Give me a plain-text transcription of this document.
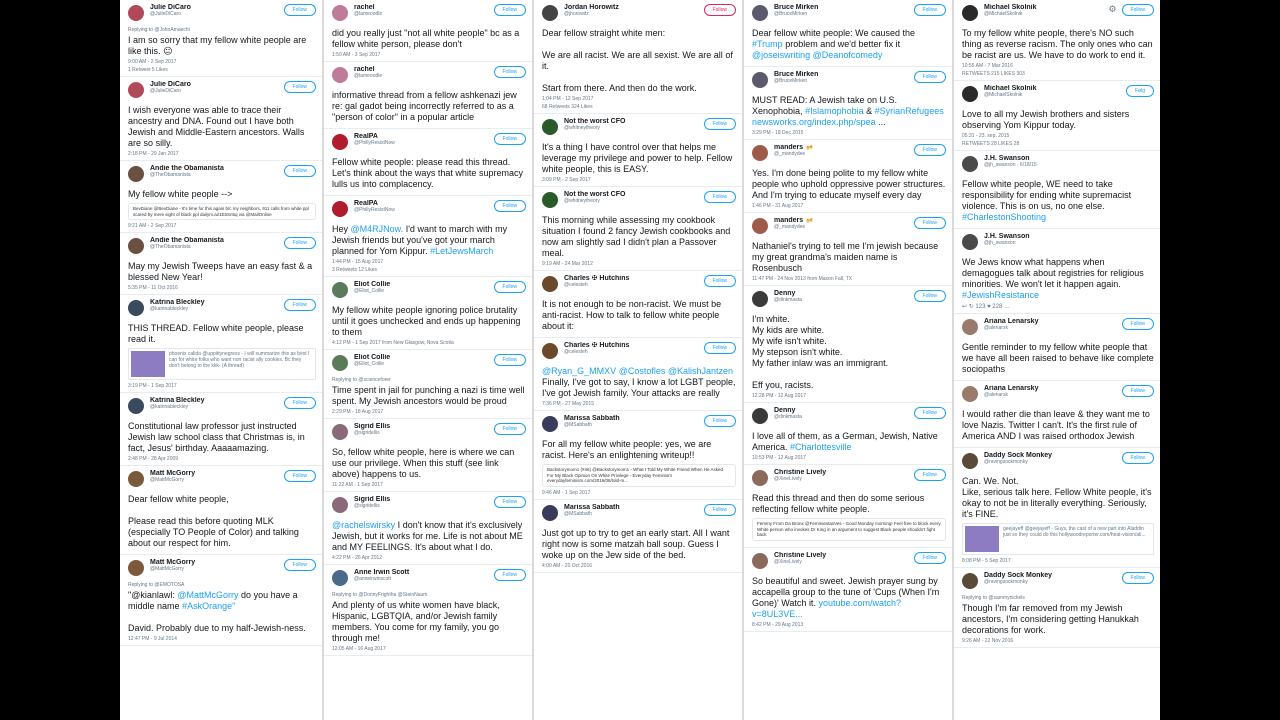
Julie DiCaro
@JulieDiCaro
Follow
Replying to @JohnAmaechi
I am so sorry that my fellow white people are like this. 😐
9:00 AM - 2 Sep 2017
1 Retweet 5 Likes
Julie DiCaro
@JulieDiCaro
Follow
I wish everyone was able to trace their ancestry and DNA. Found out I have both Jewish and Middle-Eastern ancestors. Walls are so silly.
2:18 PM - 29 Jan 2017
Andie the Obamanista
@TheObamanista
Follow
My fellow white people -->
BevDiane @BevDiane - It's time for this again b/c my neighbors, 911 calls from white ppl scared by mere sight of black ppl dailym.ai/1E5Sn5q via @MailOnline
9:21 AM - 2 Sep 2017
Andie the Obamanista
@TheObamanista
Follow
May my Jewish Tweeps have an easy fast & a blessed New Year!
5:35 PM - 11 Oct 2016
Katrina Bleckley
@katrinableckley
Follow
THIS THREAD. Fellow white people, please read it.
phoenix calida @uppittynegress - I will summarize this as best I can for white folks who want non racist ally cookies. Bc they don't belong to the kkk- (A thread)
3:19 PM - 1 Sep 2017
Katrina Bleckley
@katrinableckley
Follow
Constitutional law professor just instructed Jewish law school class that Christmas is, in fact, Jesus' birthday. Aaaaamazing.
2:48 PM - 28 Apr 2009
Matt McGorry
@MattMcGorry
Follow
Dear fellow white people,

Please read this before quoting MLK (especially TO People of Color) and talking about our respect for him.
Matt McGorry
@MattMcGorry
Follow
Replying to @EMOTOSA
"@kianlawl: @MattMcGorry do you have a middle name #AskOrange"

David. Probably due to my half-Jewish-ness.
12:47 PM - 9 Jul 2014
rachel
@lameoodle
Follow
did you really just "not all white people" bc as a fellow white person, please don't
1:50 AM - 3 Sep 2017
rachel
@lameoodle
Follow
informative thread from a fellow ashkenazi jew re: gal gadot being incorrectly referred to as a "person of color" in a popular article
RealPA
@PhillyResistNow
Follow
Fellow white people: please read this thread. Let's think about the ways that white supremacy lulls us into complacency.
RealPA
@PhillyResistNow
Follow
Hey @M4RJNow. I'd want to march with my Jewish friends but you've got your march planned for Yom Kippur. #LetJewsMarch
1:44 PM - 15 Aug 2017
3 Retweets 12 Likes
Eliot Collie
@Eliot_Collie
Follow
My fellow white people ignoring police brutality until it goes unchecked and ends up happening to them
4:12 PM - 1 Sep 2017 from New Glasgow, Nova Scotia
Eliot Collie
@Eliot_Collie
Follow
Replying to @scienceforer
Time spent in jail for punching a nazi is time well spent. My Jewish ancestors would be proud
2:29 PM - 18 Aug 2017
Sigrid Ellis
@sigridellis
Follow
So, fellow white people, here is where we can use our privilege. When this stuff (see link above) happens to us.
11:22 AM - 1 Sep 2017
Sigrid Ellis
@sigridellis
Follow
@rachelswirsky I don't know that it's exclusively Jewish, but it works for me. Life is not about ME and MY FEELINGS. It's about what I do.
4:22 PM - 26 Apr 2012
Anne Irwin Scott
@anneirwinscott
Follow
Replying to @DonnyFrightha @SteinNaum
And plenty of us white women have black, Hispanic, LGBTQIA, and/or Jewish family members. You come for my family, you go through me!
12:05 AM - 16 Aug 2017
Jordan Horowitz
@jhorowitz
Follow
Dear fellow straight white men:

We are all racist. We are all sexist. We are all of it.

Start from there. And then do the work.
1:04 PM - 12 Sep 2017
68 Retweets 324 Likes
Not the worst CFO
@whitneytheory
Follow
It's a thing I have control over that helps me leverage my privilege and power to help. Fellow white people, this is EASY.
3:09 PM - 2 Sep 2017
Not the worst CFO
@whitneytheory
Follow
This morning while assessing my cookbook situation I found 2 fancy Jewish cookbooks and now am slightly sad I didn't plan a Passover meal.
9:19 AM - 24 Mar 2012
Charles ✠ Hutchins
@celesteh
Follow
It is not enough to be non-racist. We must be anti-racist. How to talk to fellow white people about it:
Charles ✠ Hutchins
@celesteh
Follow
@Ryan_G_MMXV @Costofles @KalishJantzen Finally, I've got to say, I know a lot LGBT people, I've got Jewish family. Your attacks are really
7:36 PM - 27 May 2015
Marissa Sabbath
@MSabbath
Follow
For all my fellow white people: yes, we are racist. Here's an enlightening writeup!!
Backstorymom1 (#46) @Backstorymom1 - What I Told My White Friend When He Asked For My Black Opinion On White Privilege - Everyday Feminism everydayfeminism.com/2016/08/told-m...
9:46 AM - 1 Sep 2017
Marissa Sabbath
@MSabbath
Follow
Just got up to try to get an early start. All I want right now is some matzah ball soup. Guess I woke up on the Jew side of the bed.
4:00 AM - 20 Oct 2016
Bruce Mirken
@BruceMirken
Follow
Dear fellow white people: We caused the #Trump problem and we'd better fix it @joseiswriting @Deanofcomedy
Bruce Mirken
@BruceMirken
Follow
MUST READ: A Jewish take on U.S. Xenophobia, #Islamophobia & #SyrianRefugees newsworks.org/index.php/spea ...
3:29 PM - 18 Dec 2015
manders 🍻
@_mandydee
Follow
Yes. I'm done being polite to my fellow white people who uphold oppressive power structures. And I'm trying to educate myself every day
1:46 PM - 31 Aug 2017
manders 🍻
@_mandydee
Follow
Nathaniel's trying to tell me I'm jewish because my great grandma's maiden name is Rosenbusch
11:47 PM - 24 Nov 2013 from Mason Fall, TX
Denny
@dinkmasta
Follow
I'm white.
My kids are white.
My wife isn't white.
My stepson isn't white.
My father inlaw was an immigrant.

Eff you, racists.
12:28 PM - 12 Aug 2017
Denny
@dinkmasta
Follow
I love all of them, as a German, Jewish, Native America. #Charlottesville
10:53 PM - 12 Aug 2017
Christine Lively
@XineLively
Follow
Read this thread and then do some serious reflecting fellow white people.
Femmy From Da Bronx @FemmiestasVes - Good Monday morning! Feel free to block every White person who invokes Dr King in an argument to suggest Black people shouldn't fight back
Christine Lively
@XineLively
Follow
So beautiful and sweet. Jewish prayer sung by accapella group to the tune of 'Cups (When I'm Gone)' Watch it. youtube.com/watch?v=8UL3VE...
8:42 PM - 29 Aug 2013
Michael Skolnik
@MichaelSkolnik	⚙	Follow
To my fellow white people, there's NO such thing as reverse racism. The only ones who can be racist are us. We have to do work to end it.
10:55 AM - 7 Mar 2016
RETWEETS 215 LIKES 303
Michael Skolnik
@MichaelSkolnik
Følg
Love to all my Jewish brothers and sisters observing Yom Kippur today.
05:31 - 23. sep. 2015
RETWEETS 28 LIKES 28
J.H. Swanson
@jh_swanson · 6/18/15
Fellow white people, WE need to take responsibility for ending white supremacist violence. This is on us, no one else. #CharlestonShooting
J.H. Swanson
@jh_swanson
We Jews know what happens when demagogues talk about registries for religious minorities. We won't let it happen again. #JewishResistance
↩ ↻ 123 ♥ 228 …
Ariana Lenarsky
@alenarsk
Follow
Gentle reminder to my fellow white people that we have all been raised to behave like complete sociopaths
Ariana Lenarsky
@alenarsk
Follow
I would rather die than leave & they want me to love Nazis. Twitter I can't. It's the first rule of America AND I was raised orthodox Jewish
Daddy Sock Monkey
@ravingsockmonky
Follow
Can. We. Not.
Like, serious talk here. Fellow White people, it's okay to not be in literally everything. Seriously, it's FINE.
geejayeff @geejayeff - Guys, the cast of a new part into Aladdin just so they could do this hollywoodreporter.com/heat-vision/ali...
8:08 PM - 5 Sep 2017
Daddy Sock Monkey
@ravingsockmonky
Follow
Replying to @sammynickels
Though I'm far removed from my Jewish ancestors, I'm considering getting Hanukkah decorations for work.
9:26 AM - 22 Nov 2016
